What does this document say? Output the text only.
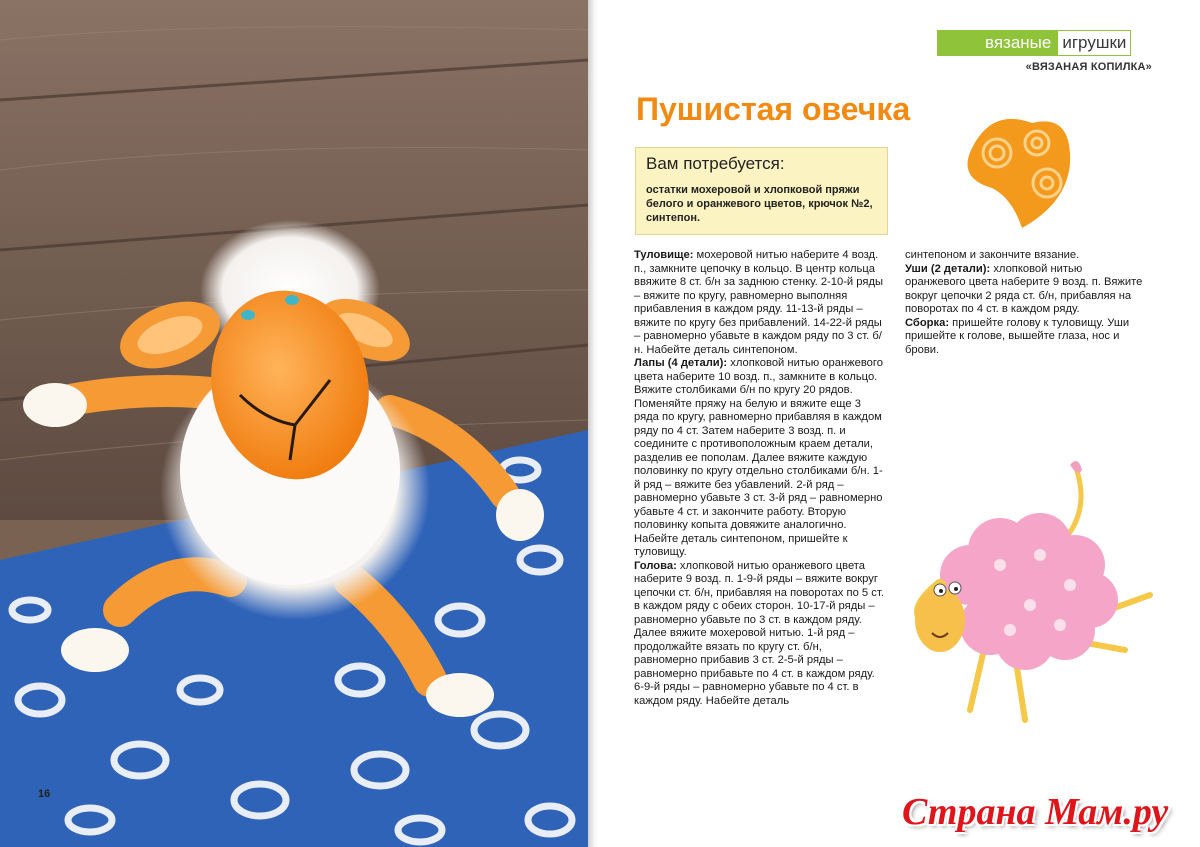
16
вязаные игрушки
«ВЯЗАНАЯ КОПИЛКА»
Пушистая овечка
Вам потребуется:
остатки мохеровой и хлопковой пряжи белого и оранжевого цветов, крючок №2, синтепон.

Туловище: мохеровой нитью наберите 4 возд. п., замкните цепочку в кольцо. В центр кольца ввяжите 8 ст. б/н за заднюю стенку. 2-10-й ряды – вяжите по кругу, равномерно выполняя прибавления в каждом ряду. 11-13-й ряды – вяжите по кругу без прибавлений. 14-22-й ряды – равномерно убавьте в каждом ряду по 3 ст. б/н. Набейте деталь синтепоном.

Лапы (4 детали): хлопковой нитью оранжевого цвета наберите 10 возд. п., замкните в кольцо. Вяжите столбиками б/н по кругу 20 рядов. Поменяйте пряжу на белую и вяжите еще 3 ряда по кругу, равномерно прибавляя в каждом ряду по 4 ст. Затем наберите 3 возд. п. и соедините с противоположным краем детали, разделив ее пополам. Далее вяжите каждую половинку по кругу отдельно столбиками б/н. 1-й ряд – вяжите без убавлений. 2-й ряд – равномерно убавьте 3 ст. 3-й ряд – равномерно убавьте 4 ст. и закончите работу. Вторую половинку копыта довяжите аналогично. Набейте деталь синтепоном, пришейте к туловищу.

Голова: хлопковой нитью оранжевого цвета наберите 9 возд. п. 1-9-й ряды – вяжите вокруг цепочки ст. б/н, прибавляя на поворотах по 5 ст. в каждом ряду с обеих сторон. 10-17-й ряды – равномерно убавьте по 3 ст. в каждом ряду. Далее вяжите мохеровой нитью. 1-й ряд – продолжайте вязать по кругу ст. б/н, равномерно прибавив 3 ст. 2-5-й ряды – равномерно прибавьте по 4 ст. в каждом ряду. 6-9-й ряды – равномерно убавьте по 4 ст. в каждом ряду. Набейте деталь

синтепоном и закончите вязание.

Уши (2 детали): хлопковой нитью оранжевого цвета наберите 9 возд. п. Вяжите вокруг цепочки 2 ряда ст. б/н, прибавляя на поворотах по 4 ст. в каждом ряду.

Сборка: пришейте голову к туловищу. Уши пришейте к голове, вышейте глаза, нос и брови.

Страна Мам.ру
